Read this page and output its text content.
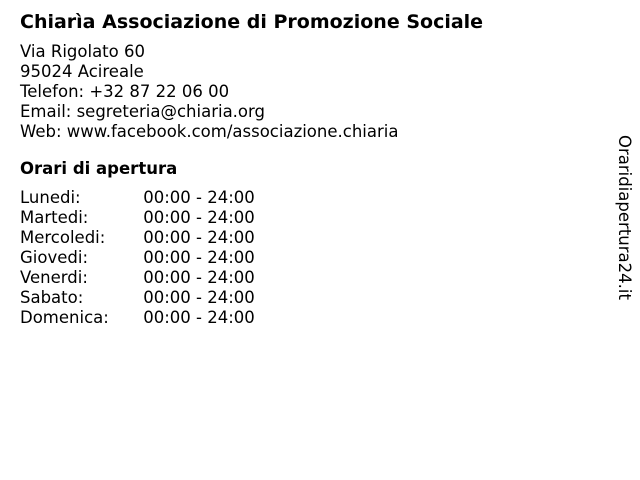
Chiarìa Associazione di Promozione Sociale
Via Rigolato 60
95024 Acireale
Telefon: +32 87 22 06 00
Email: segreteria@chiaria.org
Web: www.facebook.com/associazione.chiaria
Orari di apertura
Lunedi:	00:00 - 24:00
Martedi:	00:00 - 24:00
Mercoledi:	00:00 - 24:00
Giovedi:	00:00 - 24:00
Venerdi:	00:00 - 24:00
Sabato:	00:00 - 24:00
Domenica:	00:00 - 24:00
Oraridiapertura24.it
